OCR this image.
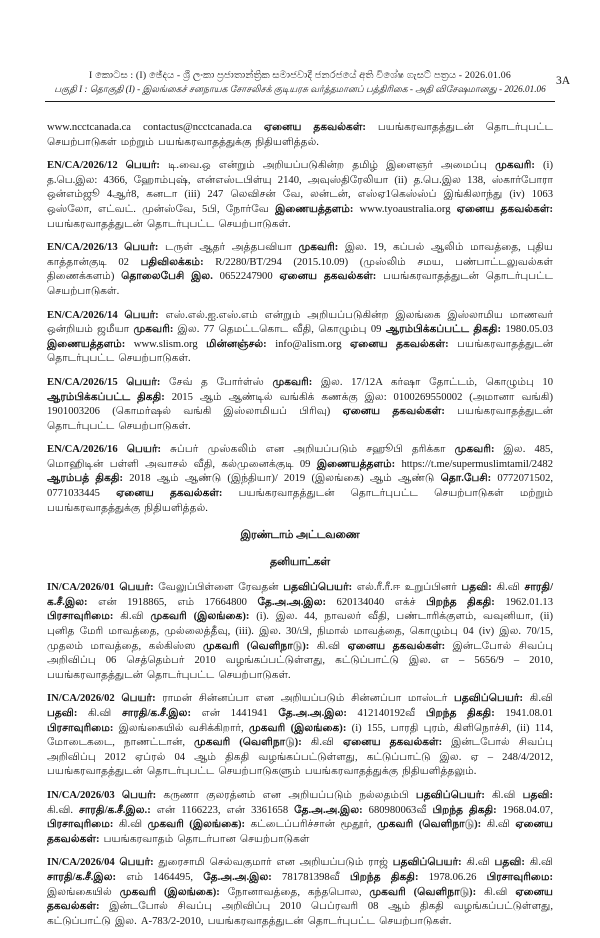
I කොටස : (I) ඡේදය - ශ්‍රී ලංකා ප්‍රජාතාන්ත්‍රික සමාජවාදී ජනරජයේ අති විශේෂ ගැසට් පත්‍රය - 2026.01.06
பகுதி I : தொகுதி (I) - இலங்கைச் சனநாயக சோசலிசக் குடியரசு வர்த்தமானப் பத்திரிகை - அதி விசேஷமானது - 2026.01.06
3A

www.ncctcanada.ca contactus@ncctcanada.ca ஏனைய தகவல்கள்: பயங்கரவாதத்துடன் தொடர்புபட்ட செயற்பாடுகள் மற்றும் பயங்கரவாதத்துக்கு நிதியளித்தல்.

EN/CA/2026/12 பெயர்: டி.வை.ஒ என்றும் அறியப்படுகின்ற தமிழ் இளைஞர் அமைப்பு முகவரி: (i) த.பெ.இல: 4366, ஹோம்புஷ், என்எஸ்டபிள்யு 2140, அவுஸ்திரேலியா (ii) த.பெ.இல 138, ஸ்கார்போரா ஒன்எம்ஜூ 4ஆர்8, கனடா (iii) 247 லெவிசன் வே, லன்டன், எஸ்ஏ1கெஸ்ஸ்ப் இங்கிலாந்து (iv) 1063 ஒஸ்லோ, எட்வட். முன்ஸ்வே, 5பி, நோர்வே இணையத்தளம்: www.tyoaustralia.org ஏனைய தகவல்கள்: பயங்கரவாதத்துடன் தொடர்புபட்ட செயற்பாடுகள்.

EN/CA/2026/13 பெயர்: டருள் ஆதர் அத்தபவியா முகவரி: இல. 19, கப்பல் ஆலிம் மாவத்தை, புதிய காத்தான்குடி 02 பதிவிலக்கம்: R/2280/BT/294 (2015.10.09) (முஸ்லிம் சமய, பண்பாட்டலுவல்கள் திணைக்களம்) தொலைபேசி இல. 0652247900 ஏனைய தகவல்கள்: பயங்கரவாதத்துடன் தொடர்புபட்ட செயற்பாடுகள்.

EN/CA/2026/14 பெயர்: எஸ்.எல்.ஐ.எஸ்.எம் என்றும் அறியப்படுகின்ற இலங்கை இஸ்லாமிய மாணவர் ஒன்றியம் ஜமீயா முகவரி: இல. 77 தெமட்டகொட வீதி, கொழும்பு 09 ஆரம்பிக்கப்பட்ட திகதி: 1980.05.03 இணையத்தளம்: www.slism.org மின்னஞ்சல்: info@alism.org ஏனைய தகவல்கள்: பயங்கரவாதத்துடன் தொடர்புபட்ட செயற்பாடுகள்.

EN/CA/2026/15 பெயர்: சேவ் த போர்ள்ஸ் முகவரி: இல. 17/12A கர்ஷா தோட்டம், கொழும்பு 10 ஆரம்பிக்கப்பட்ட திகதி: 2015 ஆம் ஆண்டில் வங்கிக் கணக்கு இல: 0100269550002 (அமானா வங்கி) 1901003206 (கொமர்ஷல் வங்கி இஸ்லாமியப் பிரிவு) ஏனைய தகவல்கள்: பயங்கரவாதத்துடன் தொடர்புபட்ட செயற்பாடுகள்.

EN/CA/2026/16 பெயர்: சுப்பர் முஸ்கலிம் என அறியப்படும் சஹூபி தரிக்கா முகவரி: இல. 485, மொஹிடின் பள்ளி அவாசல் வீதி, கல்முனைக்குடி 09 இணையத்தளம்: https://t.me/supermuslimtamil/2482 ஆரம்பத் திகதி: 2018 ஆம் ஆண்டு (இந்தியா)/ 2019 (இலங்கை) ஆம் ஆண்டு தொ.பேசி: 0772071502, 0771033445 ஏனைய தகவல்கள்: பயங்கரவாதத்துடன் தொடர்புபட்ட செயற்பாடுகள் மற்றும் பயங்கரவாதத்துக்கு நிதியளித்தல்.

இரண்டாம் அட்டவணை
தனியாட்கள்

IN/CA/2026/01 பெயர்: வேலுப்பிள்ளை ரேவதன் பதவிப்பெயர்: எல்.ரீ.ரீ.ஈ உறுப்பினர் பதவி: கி.வி சாரதி/க.சீ.இல: என் 1918865, எம் 17664800 தே.அ.அ.இல: 620134040 எக்ச் பிறந்த திகதி: 1962.01.13 பிரசாவுரிமை: கி.வி முகவரி (இலங்கை): (i). இல. 44, நாவலர் வீதி, பண்டாரிக்குளம், வவுனியா, (ii) புனித மேரி மாவத்தை, முல்லைத்தீவு, (iii). இல. 30/பி, நிமால் மாவத்தை, கொழும்பு 04 (iv) இல. 70/15, முதலம் மாவத்தை, கல்கிஸ்ஸ முகவரி (வெளிநாடு): கி.வி ஏனைய தகவல்கள்: இன்டபோல் சிவப்பு அறிவிப்பு 06 செத்தெம்பர் 2010 வழங்கப்பட்டுள்ளது, கட்டுப்பாட்டு இல. எ – 5656/9 – 2010, பயங்கரவாதத்துடன் தொடர்புபட்ட செயற்பாடுகள்.

IN/CA/2026/02 பெயர்: ராமன் சின்னப்பா என அறியப்படும் சின்னப்பா மாஸ்டர் பதவிப்பெயர்: கி.வி பதவி: கி.வி சாரதி/க.சீ.இல: என் 1441941 தே.அ.அ.இல: 412140192வீ பிறந்த திகதி: 1941.08.01 பிரசாவுரிமை: இலங்கையில் வசிக்கிறார், முகவரி (இலங்கை): (i) 155, பாரதி புரம், கிளிநொச்சி, (ii) 114, மோடைகடை, நாணட்டான், முகவரி (வெளிநாடு): கி.வி ஏனைய தகவல்கள்: இன்டபோல் சிவப்பு அறிவிப்பு 2012 ஏப்ரல் 04 ஆம் திகதி வழங்கப்பட்டுள்ளது, கட்டுப்பாட்டு இல. ஏ – 248/4/2012, பயங்கரவாதத்துடன் தொடர்புபட்ட செயற்பாடுகளும் பயங்கரவாதத்துக்கு நிதியளித்தலும்.

IN/CA/2026/03 பெயர்: கருணா குலரத்னம் என அறியப்படும் நல்லதம்பி பதவிப்பெயர்: கி.வி பதவி: கி.வி. சாரதி/க.சீ.இல.: என் 1166223, என் 3361658 தே.அ.அ.இல: 680980063வீ பிறந்த திகதி: 1968.04.07, பிரசாவுரிமை: கி.வி முகவரி (இலங்கை): கட்டைப்பரிச்சான் மூதூர், முகவரி (வெளிநாடு): கி.வி ஏனைய தகவல்கள்: பயங்கரவாதம் தொடர்பான செயற்பாடுகள்

IN/CA/2026/04 பெயர்: துரைசாமி செல்வகுமார் என அறியப்படும் ராஜ் பதவிப்பெயர்: கி.வி பதவி: கி.வி சாரதி/க.சீ.இல: எம் 1464495, தே.அ.அ.இல: 781781398வீ பிறந்த திகதி: 1978.06.26 பிரசாவுரிமை: இலங்கையில் முகவரி (இலங்கை): நோனாவத்தை, கந்தபொல, முகவரி (வெளிநாடு): கி.வி ஏனைய தகவல்கள்: இன்டபோல் சிவப்பு அறிவிப்பு 2010 பெப்ரவரி 08 ஆம் திகதி வழங்கப்பட்டுள்ளது, கட்டுப்பாட்டு இல. A-783/2-2010, பயங்கரவாதத்துடன் தொடர்புபட்ட செயற்பாடுகள்.
